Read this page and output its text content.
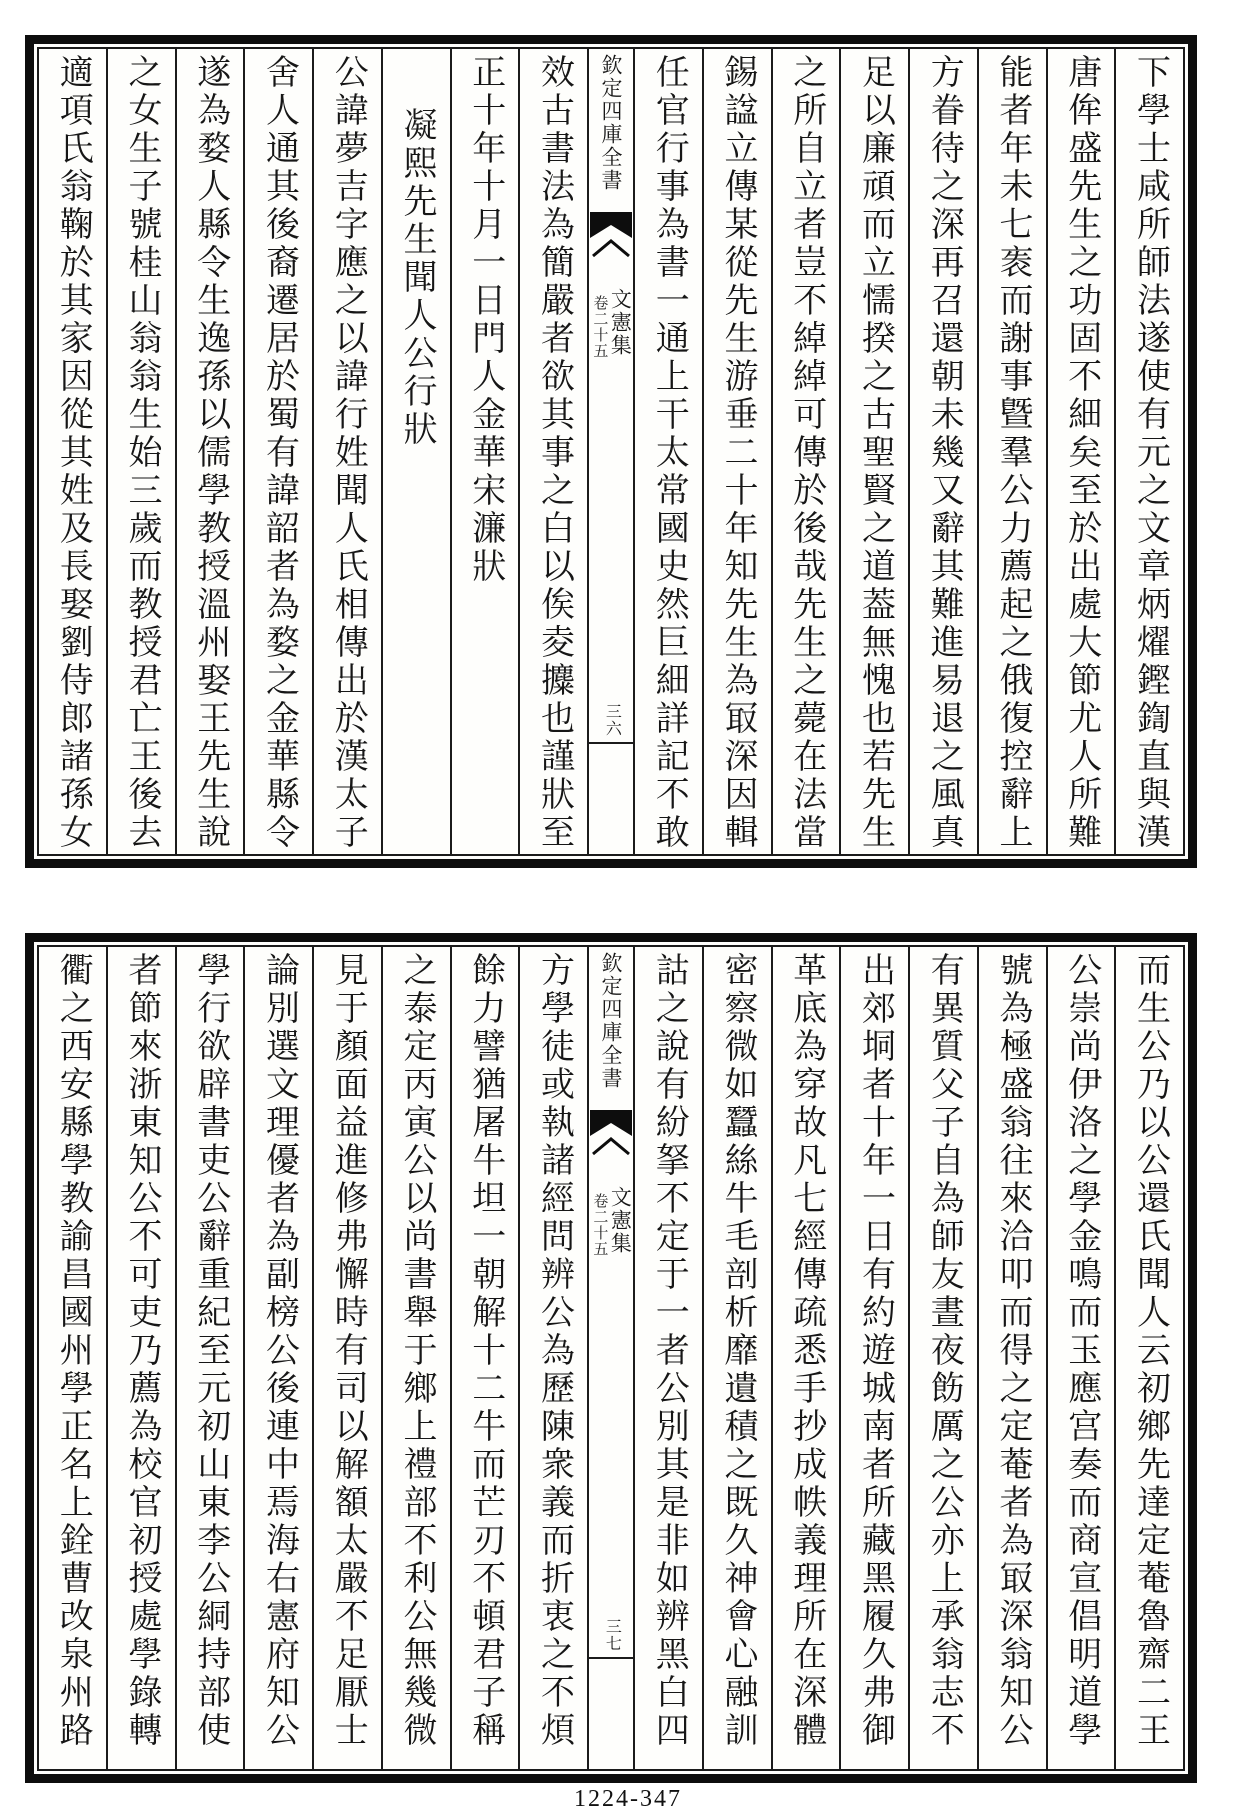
下學士咸所師法遂使有元之文章炳燿鏗鍧直與漢
唐侔盛先生之功固不細矣至於出處大節尤人所難
能者年未七袠而謝事曁羣公力薦起之俄復控辭上
方眷待之深再召還朝未幾又辭其難進易退之風真
足以廉頑而立懦揆之古聖賢之道葢無愧也若先生
之所自立者豈不綽綽可傳於後哉先生之薨在法當
錫諡立傳某從先生游垂二十年知先生為冣深因輯
任官行事為書一通上干太常國史然巨細詳記不敢
欽定四庫全書
卷二十五 文憲集
三六
效古書法為簡嚴者欲其事之白以俟夌攗也謹狀至
正十年十月一日門人金華宋濂狀
凝熙先生聞人公行狀
公諱夢吉字應之以諱行姓聞人氏相傳出於漢太子
舍人通其後裔遷居於蜀有諱韶者為婺之金華縣令
遂為婺人縣令生逸孫以儒學教授溫州娶王先生說
之女生子號桂山翁翁生始三歲而教授君亡王後去
適項氏翁鞠於其家因從其姓及長娶劉侍郎諸孫女
而生公乃以公還氏聞人云初鄉先達定菴魯齋二王
公崇尚伊洛之學金鳴而玉應宫奏而商宣倡明道學
號為極盛翁往來洽叩而得之定菴者為冣深翁知公
有異質父子自為師友晝夜飭厲之公亦上承翁志不
出郊垌者十年一日有約遊城南者所藏黑履久弗御
革底為穿故凡七經傳疏悉手抄成帙義理所在深體
密察微如蠶絲牛毛剖析靡遺積之既久神會心融訓
詁之說有紛拏不定于一者公別其是非如辨黑白四
欽定四庫全書
卷二十五 文憲集
三七
方學徒或執諸經問辨公為歷陳衆義而折衷之不煩
餘力譬猶屠牛坦一朝解十二牛而芒刃不頓君子稱
之泰定丙寅公以尚書舉于鄉上禮部不利公無幾微
見于顏面益進修弗懈時有司以解額太嚴不足厭士
論別選文理優者為副榜公後連中焉海右憲府知公
學行欲辟書吏公辭重紀至元初山東李公絧持部使
者節來浙東知公不可吏乃薦為校官初授處學錄轉
衢之西安縣學教諭昌國州學正名上銓曹改泉州路
1224-347
